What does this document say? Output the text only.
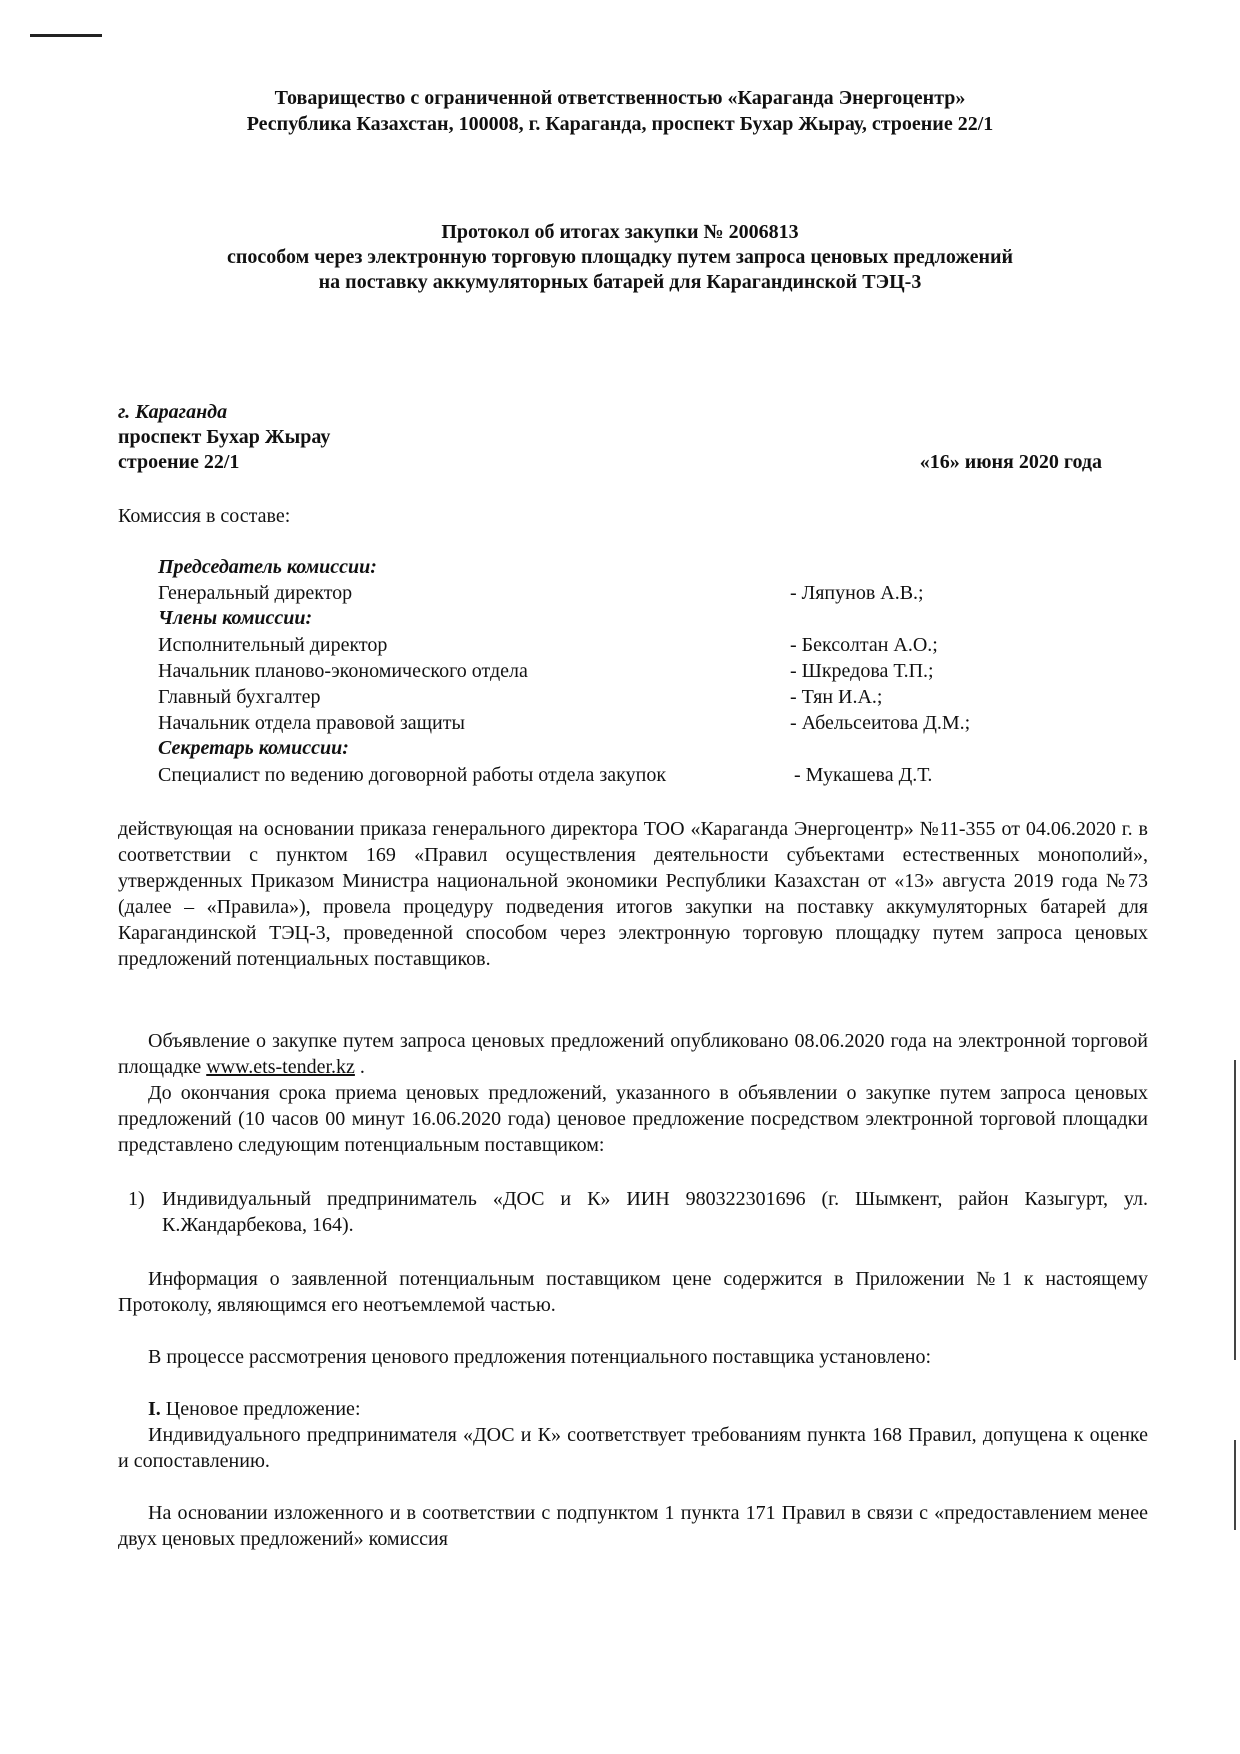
Товарищество с ограниченной ответственностью «Караганда Энергоцентр»

Республика Казахстан, 100008, г. Караганда, проспект Бухар Жырау, строение 22/1

Протокол об итогах закупки № 2006813

способом через электронную торговую площадку путем запроса ценовых предложений

на поставку аккумуляторных батарей для Карагандинской ТЭЦ-3

г. Караганда

проспект Бухар Жырау

строение 22/1	«16» июня 2020 года

Комиссия в составе:

Председатель комиссии:

Генеральный директор	- Ляпунов А.В.;

Члены комиссии:

Исполнительный директор	- Бексолтан А.О.;
Начальник планово-экономического отдела	- Шкредова Т.П.;
Главный бухгалтер	- Тян И.А.;
Начальник отдела правовой защиты	- Абельсеитова Д.М.;

Секретарь комиссии:

Специалист по ведению договорной работы отдела закупок	- Мукашева Д.Т.

действующая на основании приказа генерального директора ТОО «Караганда Энергоцентр» №11-355 от 04.06.2020 г. в соответствии с пунктом 169 «Правил осуществления деятельности субъектами естественных монополий», утвержденных Приказом Министра национальной экономики Республики Казахстан от «13» августа 2019 года №73 (далее – «Правила»), провела процедуру подведения итогов закупки на поставку аккумуляторных батарей для Карагандинской ТЭЦ-3, проведенной способом через электронную торговую площадку путем запроса ценовых предложений потенциальных поставщиков.

Объявление о закупке путем запроса ценовых предложений опубликовано 08.06.2020 года на электронной торговой площадке www.ets-tender.kz .

До окончания срока приема ценовых предложений, указанного в объявлении о закупке путем запроса ценовых предложений (10 часов 00 минут 16.06.2020 года) ценовое предложение посредством электронной торговой площадки представлено следующим потенциальным поставщиком:

1) Индивидуальный предприниматель «ДОС и К» ИИН 980322301696 (г. Шымкент, район Казыгурт, ул. К.Жандарбекова, 164).

Информация о заявленной потенциальным поставщиком цене содержится в Приложении №1 к настоящему Протоколу, являющимся его неотъемлемой частью.

В процессе рассмотрения ценового предложения потенциального поставщика установлено:

I. Ценовое предложение:

Индивидуального предпринимателя «ДОС и К» соответствует требованиям пункта 168 Правил, допущена к оценке и сопоставлению.

На основании изложенного и в соответствии с подпунктом 1 пункта 171 Правил в связи с «предоставлением менее двух ценовых предложений» комиссия
